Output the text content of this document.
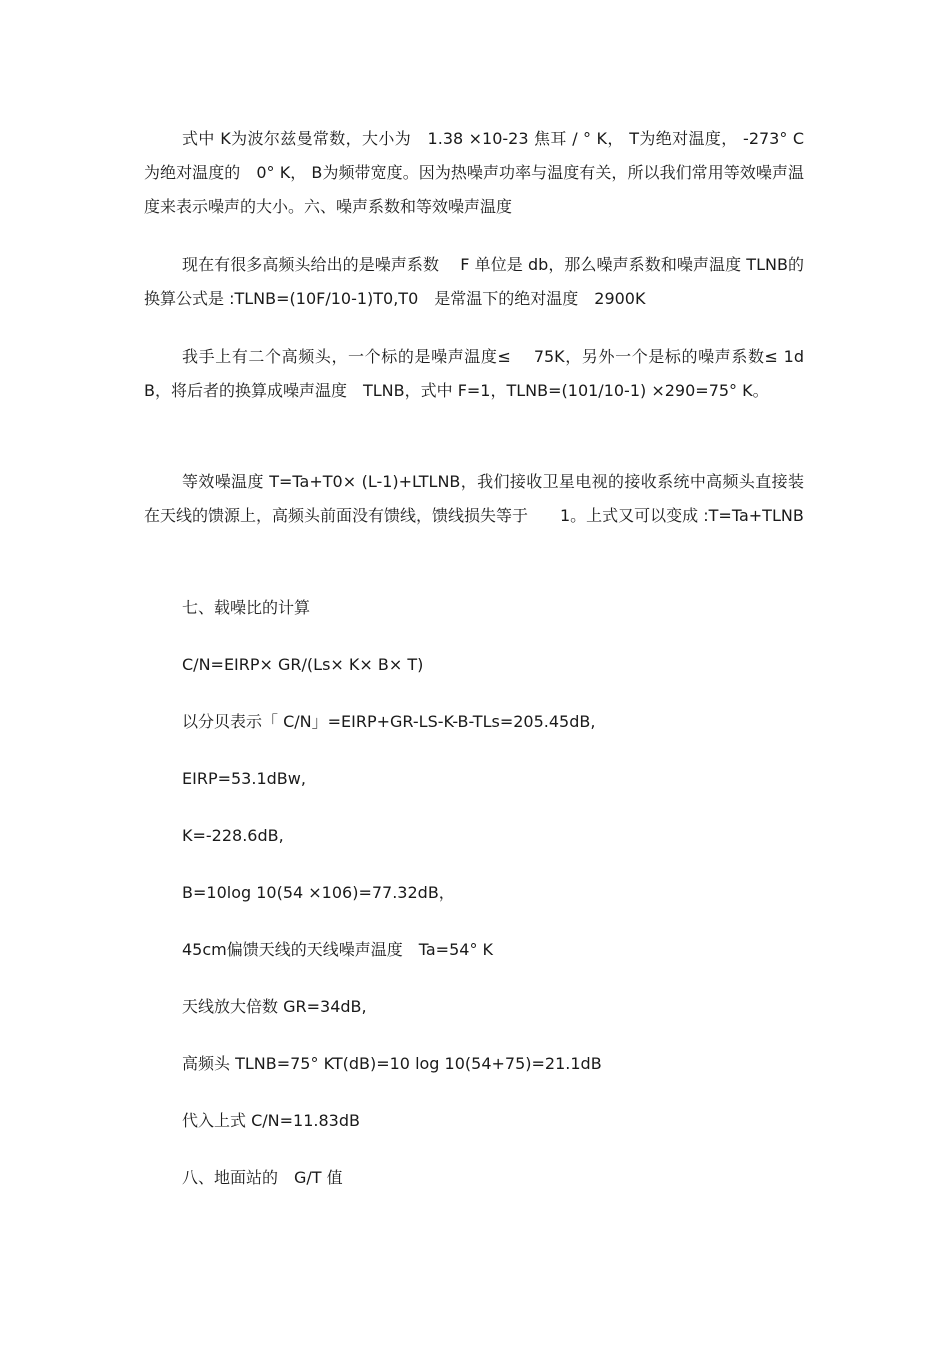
式中 K为波尔兹曼常数，大小为　1.38 ×10-23 焦耳 / ° K， T为绝对温度， -273° C为绝对温度的　0° K， B为频带宽度。因为热噪声功率与温度有关，所以我们常用等效噪声温度来表示噪声的大小。六、噪声系数和等效噪声温度

现在有很多高频头给出的是噪声系数　 F 单位是 db，那么噪声系数和噪声温度 TLNB的换算公式是 :TLNB=(10F/10-1)T0,T0　是常温下的绝对温度　2900K

我手上有二个高频头，一个标的是噪声温度≤　 75K，另外一个是标的噪声系数≤ 1dB，将后者的换算成噪声温度　TLNB，式中 F=1，TLNB=(101/10-1) ×290=75° K。

等效噪温度 T=Ta+T0× (L-1)+LTLNB，我们接收卫星电视的接收系统中高频头直接装在天线的馈源上，高频头前面没有馈线，馈线损失等于　　1。上式又可以变成 :T=Ta+TLNB

七、载噪比的计算

C/N=EIRP× GR/(Ls× K× B× T)

以分贝表示「 C/N」=EIRP+GR-LS-K-B-TLs=205.45dB,

EIRP=53.1dBw,

K=-228.6dB,

B=10log 10(54 ×106)=77.32dB，

45cm偏馈天线的天线噪声温度　Ta=54° K

天线放大倍数 GR=34dB,

高频头 TLNB=75° KT(dB)=10 log 10(54+75)=21.1dB

代入上式 C/N=11.83dB

八、地面站的　G/T 值
